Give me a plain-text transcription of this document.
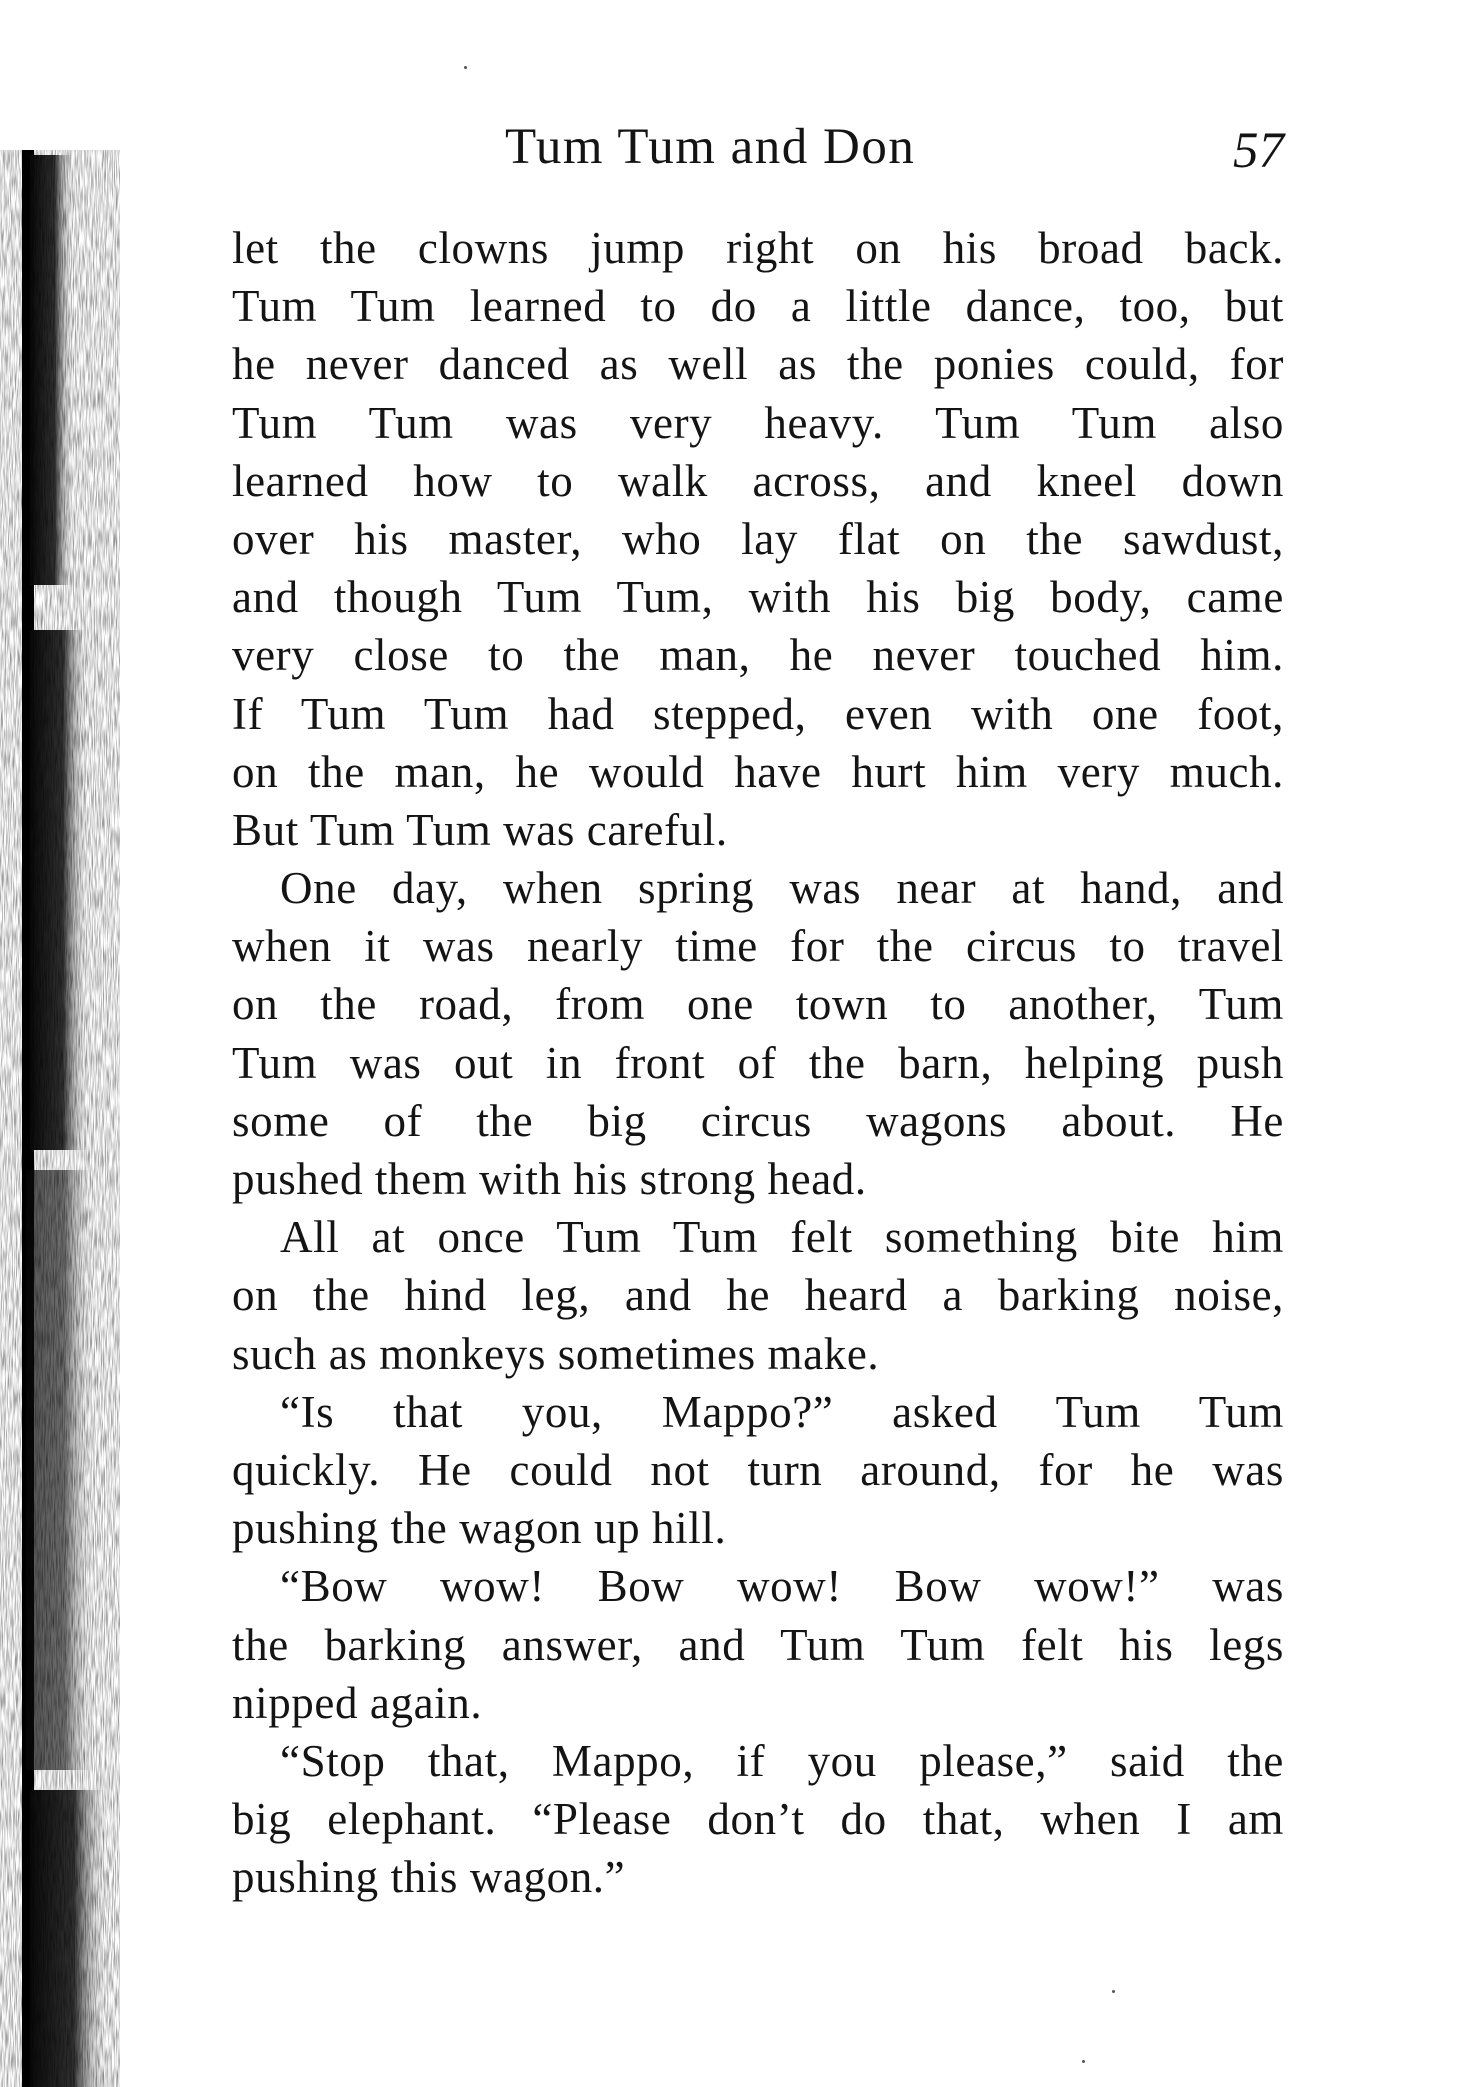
Tum Tum and Don	57
let the clowns jump right on his broad back.
Tum Tum learned to do a little dance, too, but
he never danced as well as the ponies could, for
Tum Tum was very heavy. Tum Tum also
learned how to walk across, and kneel down
over his master, who lay flat on the sawdust,
and though Tum Tum, with his big body, came
very close to the man, he never touched him.
If Tum Tum had stepped, even with one foot,
on the man, he would have hurt him very much.
But Tum Tum was careful.
One day, when spring was near at hand, and
when it was nearly time for the circus to travel
on the road, from one town to another, Tum
Tum was out in front of the barn, helping push
some of the big circus wagons about. He
pushed them with his strong head.
All at once Tum Tum felt something bite him
on the hind leg, and he heard a barking noise,
such as monkeys sometimes make.
“Is that you, Mappo?” asked Tum Tum
quickly. He could not turn around, for he was
pushing the wagon up hill.
“Bow wow! Bow wow! Bow wow!” was
the barking answer, and Tum Tum felt his legs
nipped again.
“Stop that, Mappo, if you please,” said the
big elephant. “Please don’t do that, when I am
pushing this wagon.”
